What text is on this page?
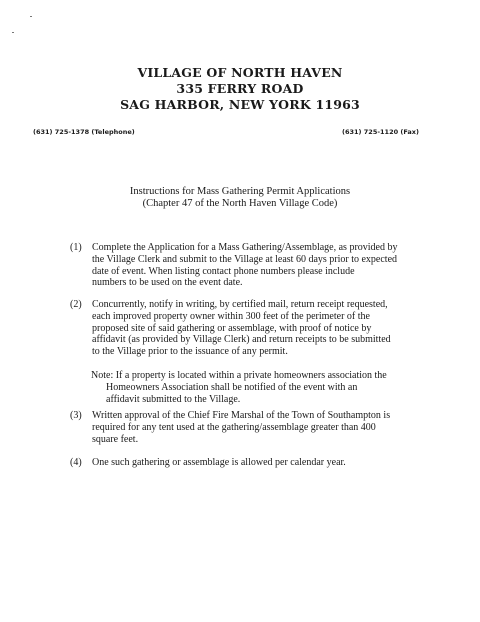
VILLAGE OF NORTH HAVEN
335 FERRY ROAD
SAG HARBOR, NEW YORK 11963
(631) 725-1378 (Telephone)	(631) 725-1120 (Fax)
Instructions for Mass Gathering Permit Applications
(Chapter 47 of the North Haven Village Code)
(1) Complete the Application for a Mass Gathering/Assemblage, as provided by
the Village Clerk and submit to the Village at least 60 days prior to expected
date of event. When listing contact phone numbers please include
numbers to be used on the event date.
(2) Concurrently, notify in writing, by certified mail, return receipt requested,
each improved property owner within 300 feet of the perimeter of the
proposed site of said gathering or assemblage, with proof of notice by
affidavit (as provided by Village Clerk) and return receipts to be submitted
to the Village prior to the issuance of any permit.
Note: If a property is located within a private homeowners association the
Homeowners Association shall be notified of the event with an
affidavit submitted to the Village.
(3) Written approval of the Chief Fire Marshal of the Town of Southampton is
required for any tent used at the gathering/assemblage greater than 400
square feet.
(4) One such gathering or assemblage is allowed per calendar year.
